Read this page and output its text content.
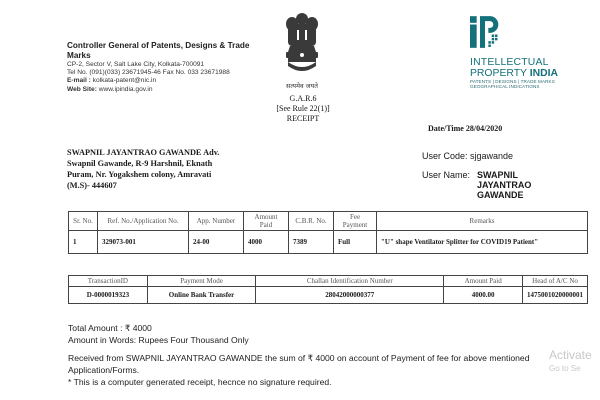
Controller General of Patents, Designs & Trade Marks
CP-2, Sector V, Salt Lake City, Kolkata-700091
Tel No. (091)(033) 23671945-46 Fax No. 033 23671988
E-mail : kolkata-patent@nic.in
Web Site: www.ipindia.gov.in	सत्यमेव जयते
G.A.R.6
[See Rule 22(1)]
RECEIPT
INTELLECTUAL
PROPERTY INDIA
PATENTS | DESIGNS | TRADE MARKS
GEOGRAPHICAL INDICATIONS
Date/Time 28/04/2020
User Code: sjgawande
User Name: SWAPNIL JAYANTRAO GAWANDE
SWAPNIL JAYANTRAO GAWANDE Adv.
Swapnil Gawande, R-9 Harshnil, Eknath
Puram, Nr. Yogakshem colony, Amravati
(M.S)- 444607
Sr. No.	Ref. No./Application No.	App. Number	Amount Paid	C.B.R. No.	Fee Payment	Remarks
1	329073-001	24-00	4000	7389	Full	"U" shape Ventilator Splitter for COVID19 Patient"
TransactionID	Payment Mode	Challan Identification Number	Amount Paid	Head of A/C No
D-0000019323	Online Bank Transfer	28042000000377	4000.00	1475001020000001
Total Amount : ₹ 4000
Amount in Words: Rupees Four Thousand Only
Received from SWAPNIL JAYANTRAO GAWANDE the sum of ₹ 4000 on account of Payment of fee for above mentioned
Application/Forms.
* This is a computer generated receipt, hecnce no signature required.
Activate
Go to Se
